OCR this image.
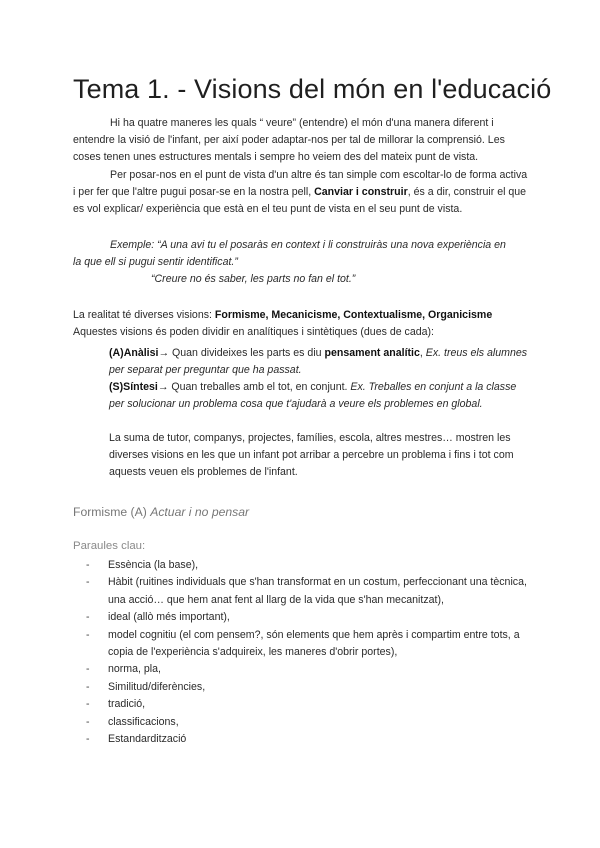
Tema 1. - Visions del món en l'educació

Hi ha quatre maneres les quals “ veure” (entendre) el món d'una manera diferent i entendre la visió de l'infant, per així poder adaptar-nos per tal de millorar la comprensió. Les coses tenen unes estructures mentals i sempre ho veiem des del mateix punt de vista.

Per posar-nos en el punt de vista d'un altre és tan simple com escoltar-lo de forma activa i per fer que l'altre pugui posar-se en la nostra pell, Canviar i construir, és a dir, construir el que es vol explicar/ experiència que està en el teu punt de vista en el seu punt de vista.

Exemple: “A una avi tu el posaràs en context i li construiràs una nova experiència en

la que ell si pugui sentir identificat.”

“Creure no és saber, les parts no fan el tot.”

La realitat té diverses visions: Formisme, Mecanicisme, Contextualisme, Organicisme
Aquestes visions és poden dividir en analítiques i sintètiques (dues de cada):

(A)Anàlisi→ Quan divideixes les parts es diu pensament analític, Ex. treus els alumnes per separat per preguntar que ha passat.

(S)Síntesi→ Quan treballes amb el tot, en conjunt. Ex. Treballes en conjunt a la classe per solucionar un problema cosa que t'ajudarà a veure els problemes en global.

La suma de tutor, companys, projectes, famílies, escola, altres mestres… mostren les diverses visions en les que un infant pot arribar a percebre un problema i fins i tot com aquests veuen els problemes de l'infant.

Formisme (A) Actuar i no pensar

Paraules clau:

- Essència (la base),
- Hàbit (ruitines individuals que s'han transformat en un costum, perfeccionant una tècnica, una acció… que hem anat fent al llarg de la vida que s'han mecanitzat),
- ideal (allò més important),
- model cognitiu (el com pensem?, són elements que hem après i compartim entre tots, a copia de l'experiència s'adquireix, les maneres d'obrir portes),
- norma, pla,
- Similitud/diferències,
- tradició,
- classificacions,
- Estandardització
